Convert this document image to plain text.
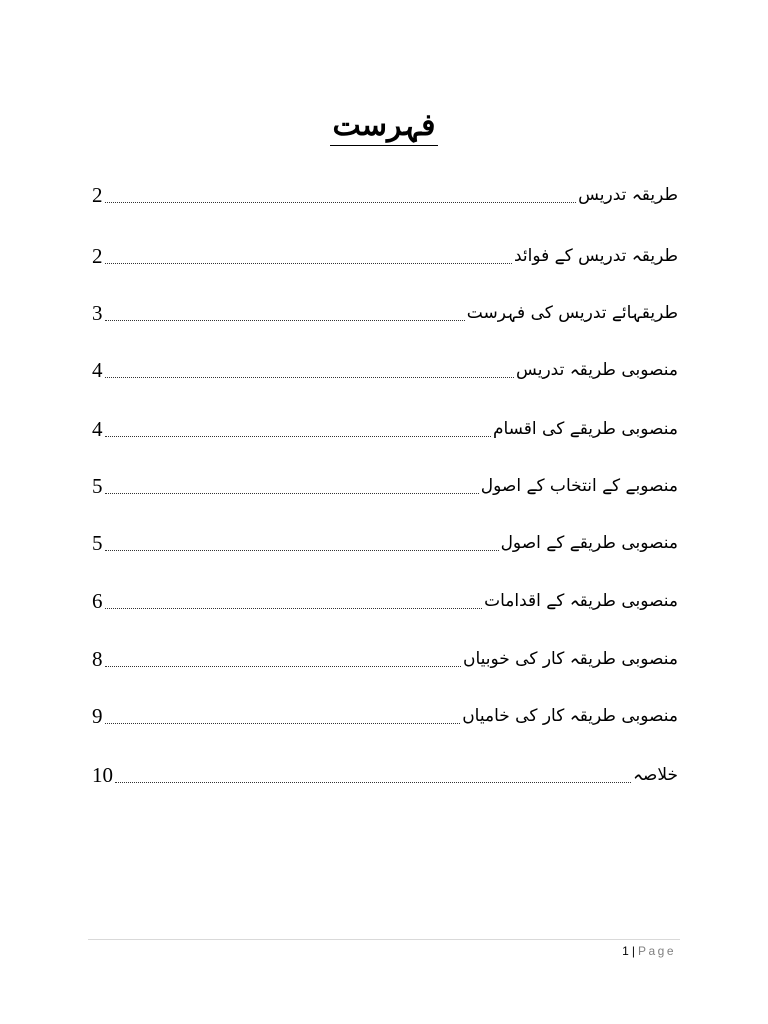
فہرست
2	طریقہ تدریس
2	طریقہ تدریس کے فوائد
3	طریقہائے تدریس کی فہرست
4	منصوبی طریقہ تدریس
4	منصوبی طریقے کی اقسام
5	منصوبے کے انتخاب کے اصول
5	منصوبی طریقے کے اصول
6	منصوبی طریقہ کے اقدامات
8	منصوبی طریقہ کار کی خوبیاں
9	منصوبی طریقہ کار کی خامیاں
10	خلاصہ
1 | Page
